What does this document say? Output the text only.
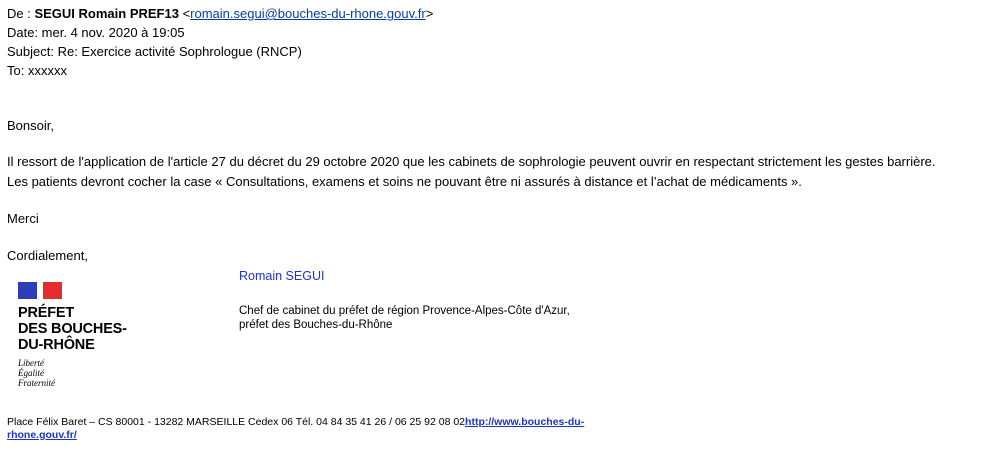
De : SEGUI Romain PREF13 <romain.segui@bouches-du-rhone.gouv.fr>
Date: mer. 4 nov. 2020 à 19:05
Subject: Re: Exercice activité Sophrologue (RNCP)
To: xxxxxx
Bonsoir,
Il ressort de l'application de l'article 27 du décret du 29 octobre 2020 que les cabinets de sophrologie peuvent ouvrir en respectant strictement les gestes barrière.
Les patients devront cocher la case « Consultations, examens et soins ne pouvant être ni assurés à distance et l’achat de médicaments ».
Merci
Cordialement,
PRÉFET
DES BOUCHES-
DU-RHÔNE
Liberté
Égalité
Fraternité
Romain SEGUI
Chef de cabinet du préfet de région Provence-Alpes-Côte d'Azur,
préfet des Bouches-du-Rhône
Place Félix Baret – CS 80001 - 13282 MARSEILLE Cedex 06 Tél. 04 84 35 41 26 / 06 25 92 08 02http://www.bouches-du-rhone.gouv.fr/
